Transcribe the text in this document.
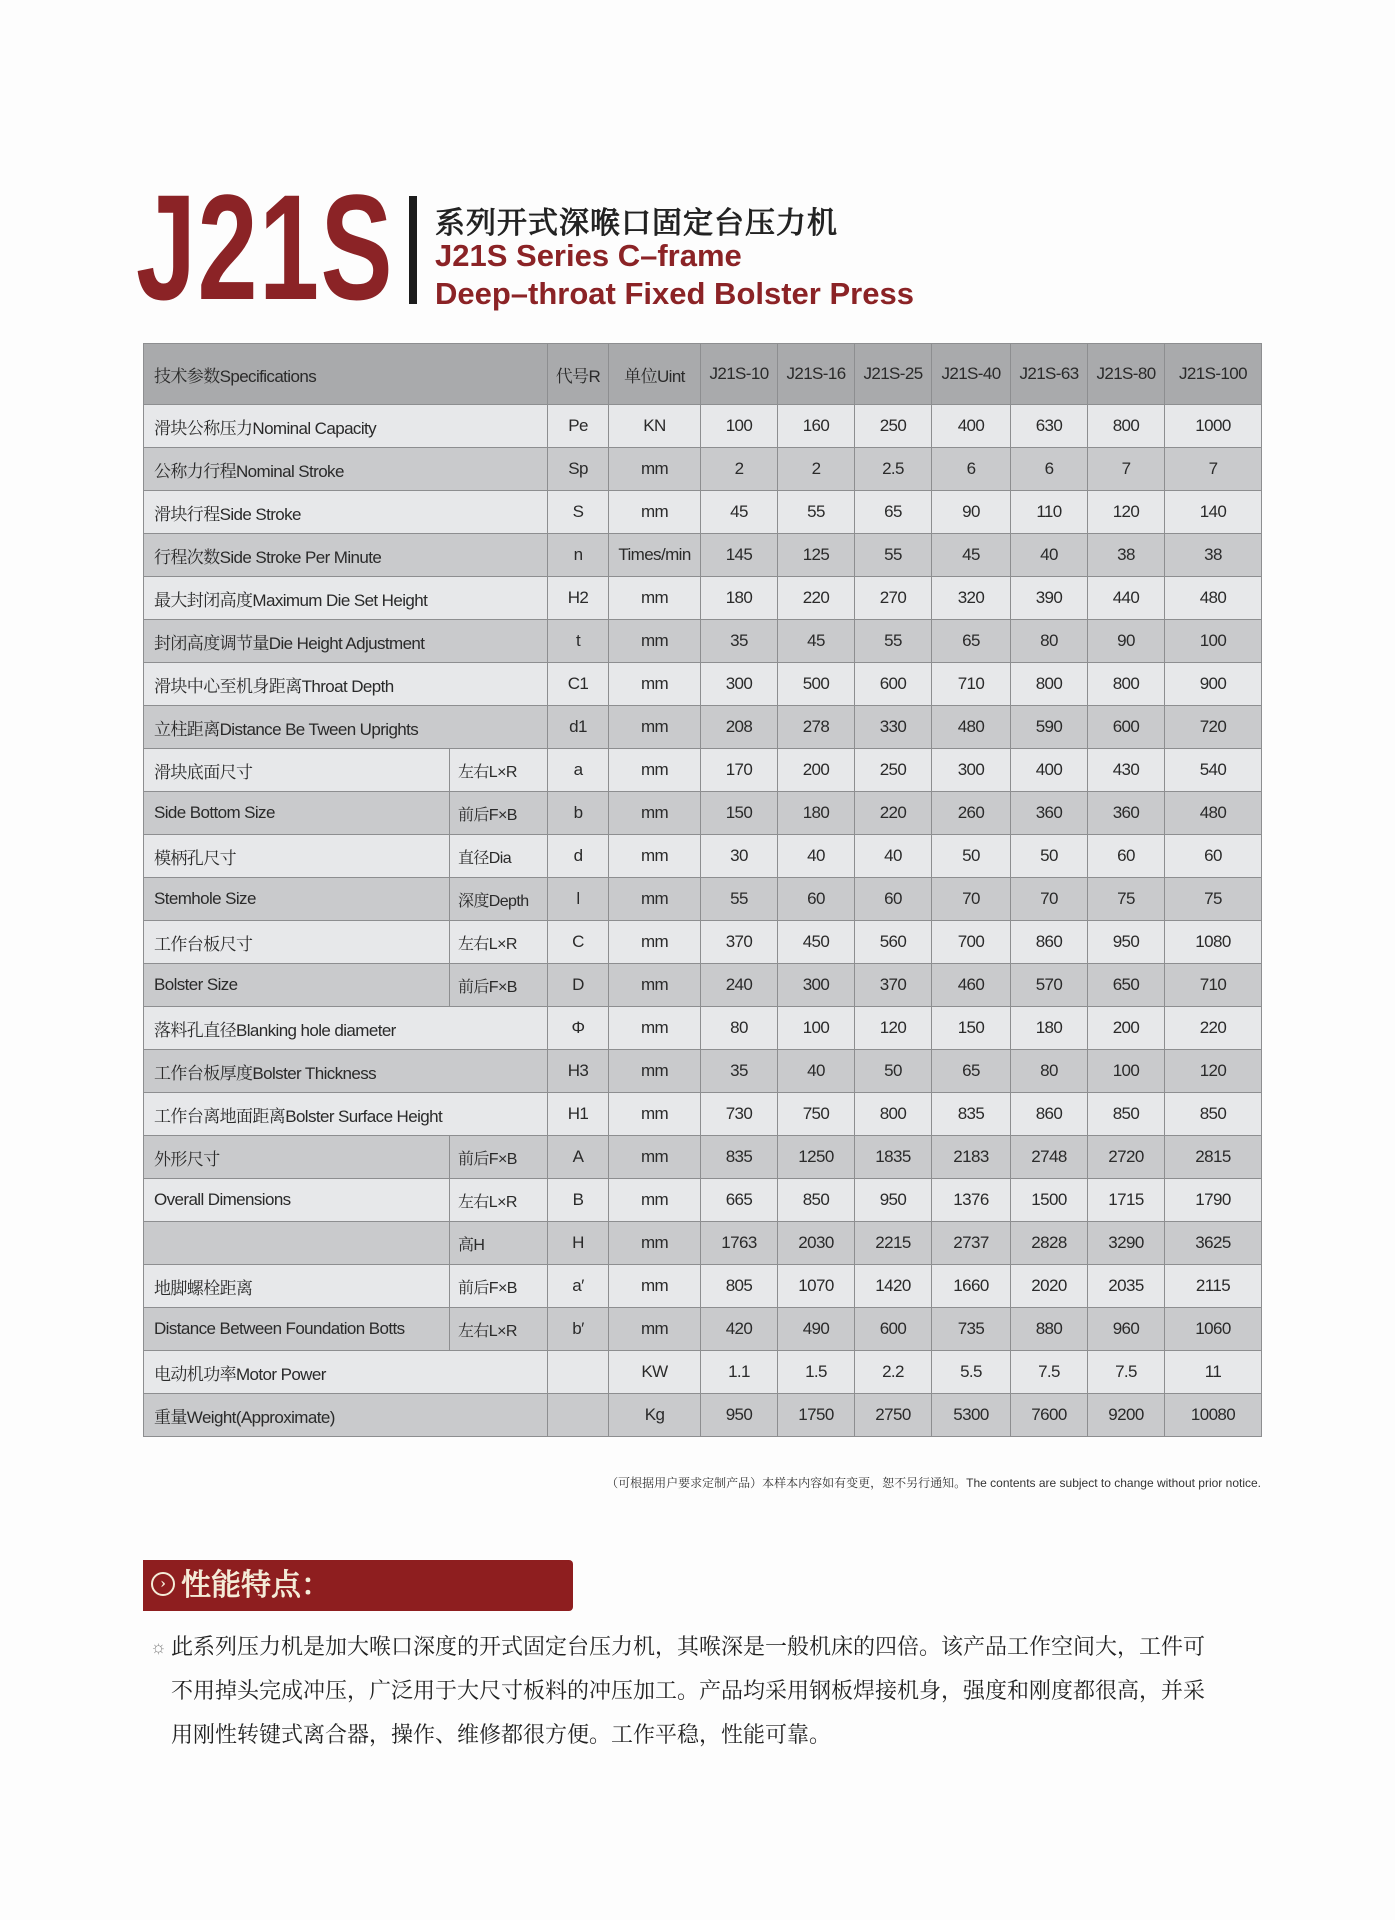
J21S 系列开式深喉口固定台压力机
J21S Series C–frame
Deep–throat Fixed Bolster Press
技术参数Specifications		代号R	单位Uint	J21S-10	J21S-16	J21S-25	J21S-40	J21S-63	J21S-80	J21S-100
滑块公称压力Nominal Capacity		Pe	KN	100	160	250	400	630	800	1000
公称力行程Nominal Stroke		Sp	mm	2	2	2.5	6	6	7	7
滑块行程Side Stroke		S	mm	45	55	65	90	110	120	140
行程次数Side Stroke Per Minute		n	Times/min	145	125	55	45	40	38	38
最大封闭高度Maximum Die Set Height		H2	mm	180	220	270	320	390	440	480
封闭高度调节量Die Height Adjustment		t	mm	35	45	55	65	80	90	100
滑块中心至机身距离Throat Depth		C1	mm	300	500	600	710	800	800	900
立柱距离Distance Be Tween Uprights		d1	mm	208	278	330	480	590	600	720
滑块底面尺寸	左右L×R	a	mm	170	200	250	300	400	430	540
Side Bottom Size	前后F×B	b	mm	150	180	220	260	360	360	480
模柄孔尺寸	直径Dia	d	mm	30	40	40	50	50	60	60
Stemhole Size	深度Depth	l	mm	55	60	60	70	70	75	75
工作台板尺寸	左右L×R	C	mm	370	450	560	700	860	950	1080
Bolster Size	前后F×B	D	mm	240	300	370	460	570	650	710
落料孔直径Blanking hole diameter		Φ	mm	80	100	120	150	180	200	220
工作台板厚度Bolster Thickness		H3	mm	35	40	50	65	80	100	120
工作台离地面距离Bolster Surface Height		H1	mm	730	750	800	835	860	850	850
外形尺寸	前后F×B	A	mm	835	1250	1835	2183	2748	2720	2815
Overall Dimensions	左右L×R	B	mm	665	850	950	1376	1500	1715	1790
	高H	H	mm	1763	2030	2215	2737	2828	3290	3625
地脚螺栓距离	前后F×B	a′	mm	805	1070	1420	1660	2020	2035	2115
Distance Between Foundation Botts	左右L×R	b′	mm	420	490	600	735	880	960	1060
电动机功率Motor Power			KW	1.1	1.5	2.2	5.5	7.5	7.5	11
重量Weight(Approximate)			Kg	950	1750	2750	5300	7600	9200	10080
（可根据用户要求定制产品）本样本内容如有变更，恕不另行通知。The contents are subject to change without prior notice.
› 性能特点：
☼ 此系列压力机是加大喉口深度的开式固定台压力机，其喉深是一般机床的四倍。该产品工作空间大，工件可
不用掉头完成冲压，广泛用于大尺寸板料的冲压加工。产品均采用钢板焊接机身，强度和刚度都很高，并采
用刚性转键式离合器，操作、维修都很方便。工作平稳，性能可靠。
